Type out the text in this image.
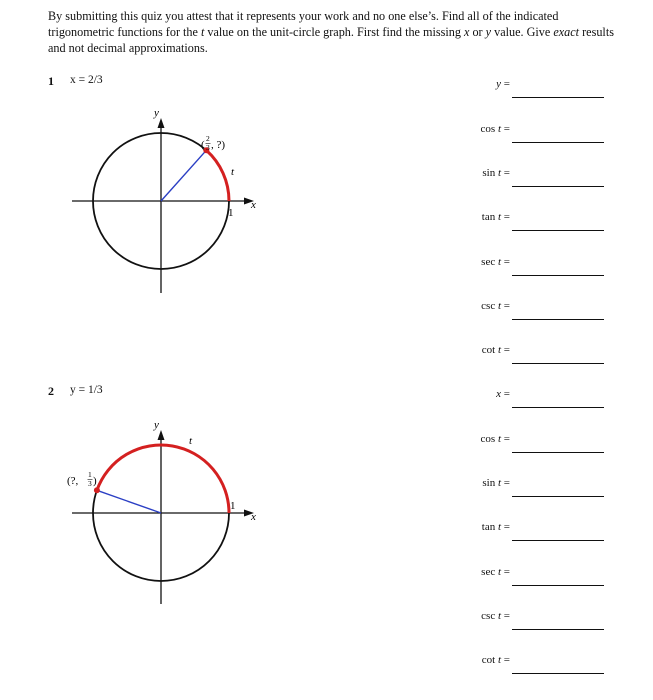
By submitting this quiz you attest that it represents your work and no one else’s. Find all of the indicated trigonometric functions for the t value on the unit-circle graph. First find the missing x or y value. Give exact results and not decimal approximations.

1 x = 2/3
y
x
1
t
(
2
3 , ?)
y =
cos t =
sin t =
tan t =
sec t =
csc t =
cot t =
2 y = 1/3
y
x
1
t
(?,
1
3 )
x =
cos t =
sin t =
tan t =
sec t =
csc t =
cot t =
